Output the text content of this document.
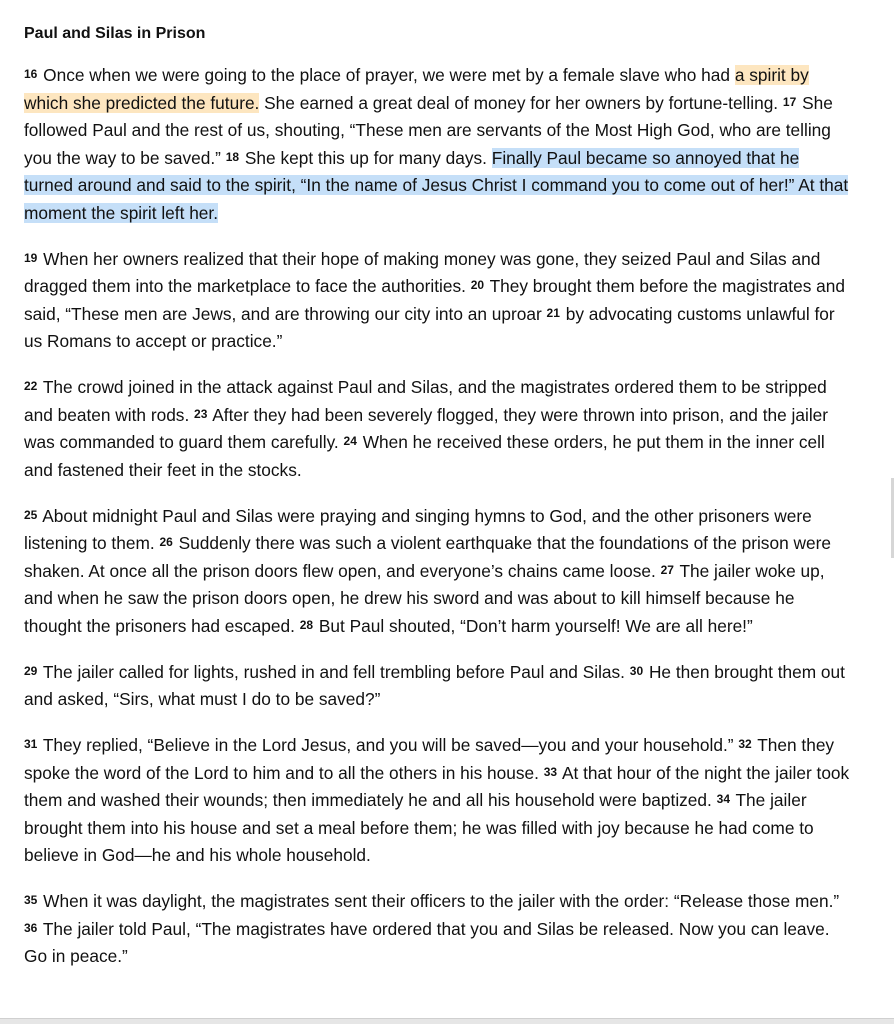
Paul and Silas in Prison

$^{16}$ Once when we were going to the place of prayer, we were met by a female slave who had a spirit by which she predicted the future. She earned a great deal of money for her owners by fortune-telling. $^{17}$ She followed Paul and the rest of us, shouting, “These men are servants of the Most High God, who are telling you the way to be saved.” $^{18}$ She kept this up for many days. Finally Paul became so annoyed that he turned around and said to the spirit, “In the name of Jesus Christ I command you to come out of her!” At that moment the spirit left her.

$^{19}$ When her owners realized that their hope of making money was gone, they seized Paul and Silas and dragged them into the marketplace to face the authorities. $^{20}$ They brought them before the magistrates and said, “These men are Jews, and are throwing our city into an uproar $^{21}$ by advocating customs unlawful for us Romans to accept or practice.”

$^{22}$ The crowd joined in the attack against Paul and Silas, and the magistrates ordered them to be stripped and beaten with rods. $^{23}$ After they had been severely flogged, they were thrown into prison, and the jailer was commanded to guard them carefully. $^{24}$ When he received these orders, he put them in the inner cell and fastened their feet in the stocks.

$^{25}$ About midnight Paul and Silas were praying and singing hymns to God, and the other prisoners were listening to them. $^{26}$ Suddenly there was such a violent earthquake that the foundations of the prison were shaken. At once all the prison doors flew open, and everyone’s chains came loose. $^{27}$ The jailer woke up, and when he saw the prison doors open, he drew his sword and was about to kill himself because he thought the prisoners had escaped. $^{28}$ But Paul shouted, “Don’t harm yourself! We are all here!”

$^{29}$ The jailer called for lights, rushed in and fell trembling before Paul and Silas. $^{30}$ He then brought them out and asked, “Sirs, what must I do to be saved?”

$^{31}$ They replied, “Believe in the Lord Jesus, and you will be saved—you and your household.” $^{32}$ Then they spoke the word of the Lord to him and to all the others in his house. $^{33}$ At that hour of the night the jailer took them and washed their wounds; then immediately he and all his household were baptized. $^{34}$ The jailer brought them into his house and set a meal before them; he was filled with joy because he had come to believe in God—he and his whole household.

$^{35}$ When it was daylight, the magistrates sent their officers to the jailer with the order: “Release those men.” $^{36}$ The jailer told Paul, “The magistrates have ordered that you and Silas be released. Now you can leave. Go in peace.”
